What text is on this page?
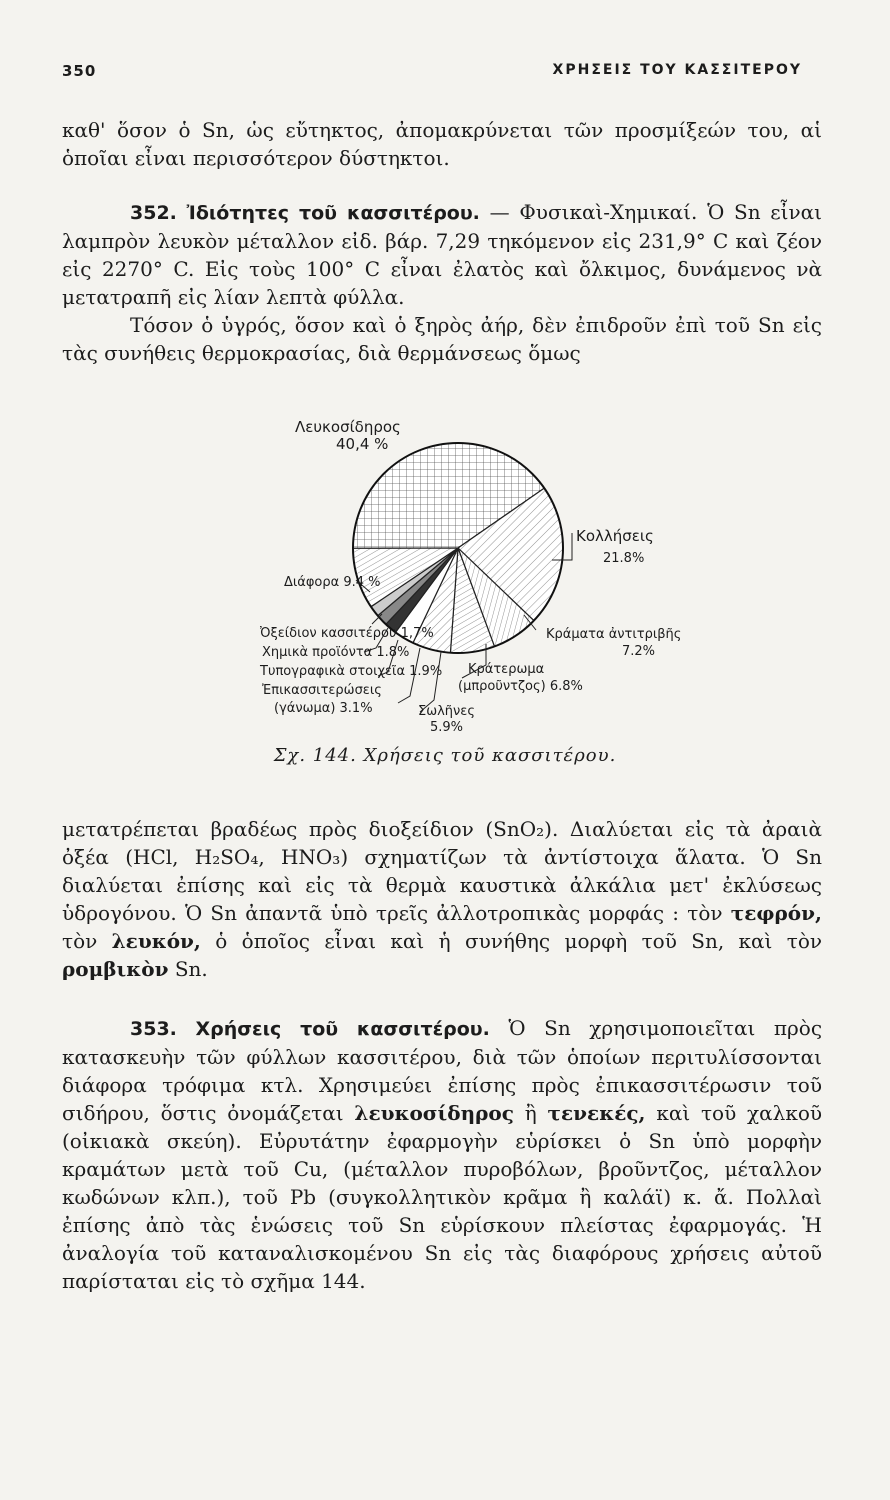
350	ΧΡΗΣΕΙΣ ΤΟΥ ΚΑΣΣΙΤΕΡΟΥ

καθ' ὅσον ὁ Sn, ὡς εὔτηκτος, ἀπομακρύνεται τῶν προσμίξεών του, αἱ ὁποῖαι εἶναι περισσότερον δύστηκτοι.

352. Ἰδιότητες τοῦ κασσιτέρου. — Φυσικαὶ-Χημικαί. Ὁ Sn εἶναι λαμπρὸν λευκὸν μέταλλον εἰδ. βάρ. 7,29 τηκόμενον εἰς 231,9° C καὶ ζέον εἰς 2270° C. Εἰς τοὺς 100° C εἶναι ἐλατὸς καὶ ὄλκιμος, δυνάμενος νὰ μετατραπῆ εἰς λίαν λεπτὰ φύλλα.

Τόσον ὁ ὑγρός, ὅσον καὶ ὁ ξηρὸς ἀήρ, δὲν ἐπιδροῦν ἐπὶ τοῦ Sn εἰς τὰς συνήθεις θερμοκρασίας, διὰ θερμάνσεως ὅμως

Λευκοσίδηρος
40,4 %
Κολλήσεις
21.8%
Κράματα ἀντιτριβῆς
7.2%
Κράτερωμα
(μπροῦντζος) 6.8%
Σωλῆνες
5.9%
Ἐπικασσιτερώσεις
(γάνωμα) 3.1%
Τυπογραφικὰ στοιχεῖα 1.9%
Χημικὰ προϊόντα 1.8%
Ὀξείδιον κασσιτέρου 1,7%
Διάφορα 9.4 %
Σχ. 144. Χρήσεις τοῦ κασσιτέρου.

μετατρέπεται βραδέως πρὸς διοξείδιον (SnO₂). Διαλύεται εἰς τὰ ἀραιὰ ὀξέα (HCl, H₂SO₄, HNO₃) σχηματίζων τὰ ἀντίστοιχα ἅλατα. Ὁ Sn διαλύεται ἐπίσης καὶ εἰς τὰ θερμὰ καυστικὰ ἀλκάλια μετ' ἐκλύσεως ὑδρογόνου. Ὁ Sn ἀπαντᾶ ὑπὸ τρεῖς ἀλλοτροπικὰς μορφάς : τὸν τεφρόν, τὸν λευκόν, ὁ ὁποῖος εἶναι καὶ ἡ συνήθης μορφὴ τοῦ Sn, καὶ τὸν ρομβικὸν Sn.

353. Χρήσεις τοῦ κασσιτέρου. Ὁ Sn χρησιμοποιεῖται πρὸς κατασκευὴν τῶν φύλλων κασσιτέρου, διὰ τῶν ὁποίων περιτυλίσσονται διάφορα τρόφιμα κτλ. Χρησιμεύει ἐπίσης πρὸς ἐπικασσιτέρωσιν τοῦ σιδήρου, ὅστις ὀνομάζεται λευκοσίδηρος ἢ τενεκές, καὶ τοῦ χαλκοῦ (οἰκιακὰ σκεύη). Εὐρυτάτην ἐφαρμογὴν εὑρίσκει ὁ Sn ὑπὸ μορφὴν κραμάτων μετὰ τοῦ Cu, (μέταλλον πυροβόλων, βροῦντζος, μέταλλον κωδώνων κλπ.), τοῦ Pb (συγκολλητικὸν κρᾶμα ἢ καλάϊ) κ. ἄ. Πολλαὶ ἐπίσης ἀπὸ τὰς ἑνώσεις τοῦ Sn εὑρίσκουν πλείστας ἐφαρμογάς. Ἡ ἀναλογία τοῦ καταναλισκομένου Sn εἰς τὰς διαφόρους χρήσεις αὐτοῦ παρίσταται εἰς τὸ σχῆμα 144.
